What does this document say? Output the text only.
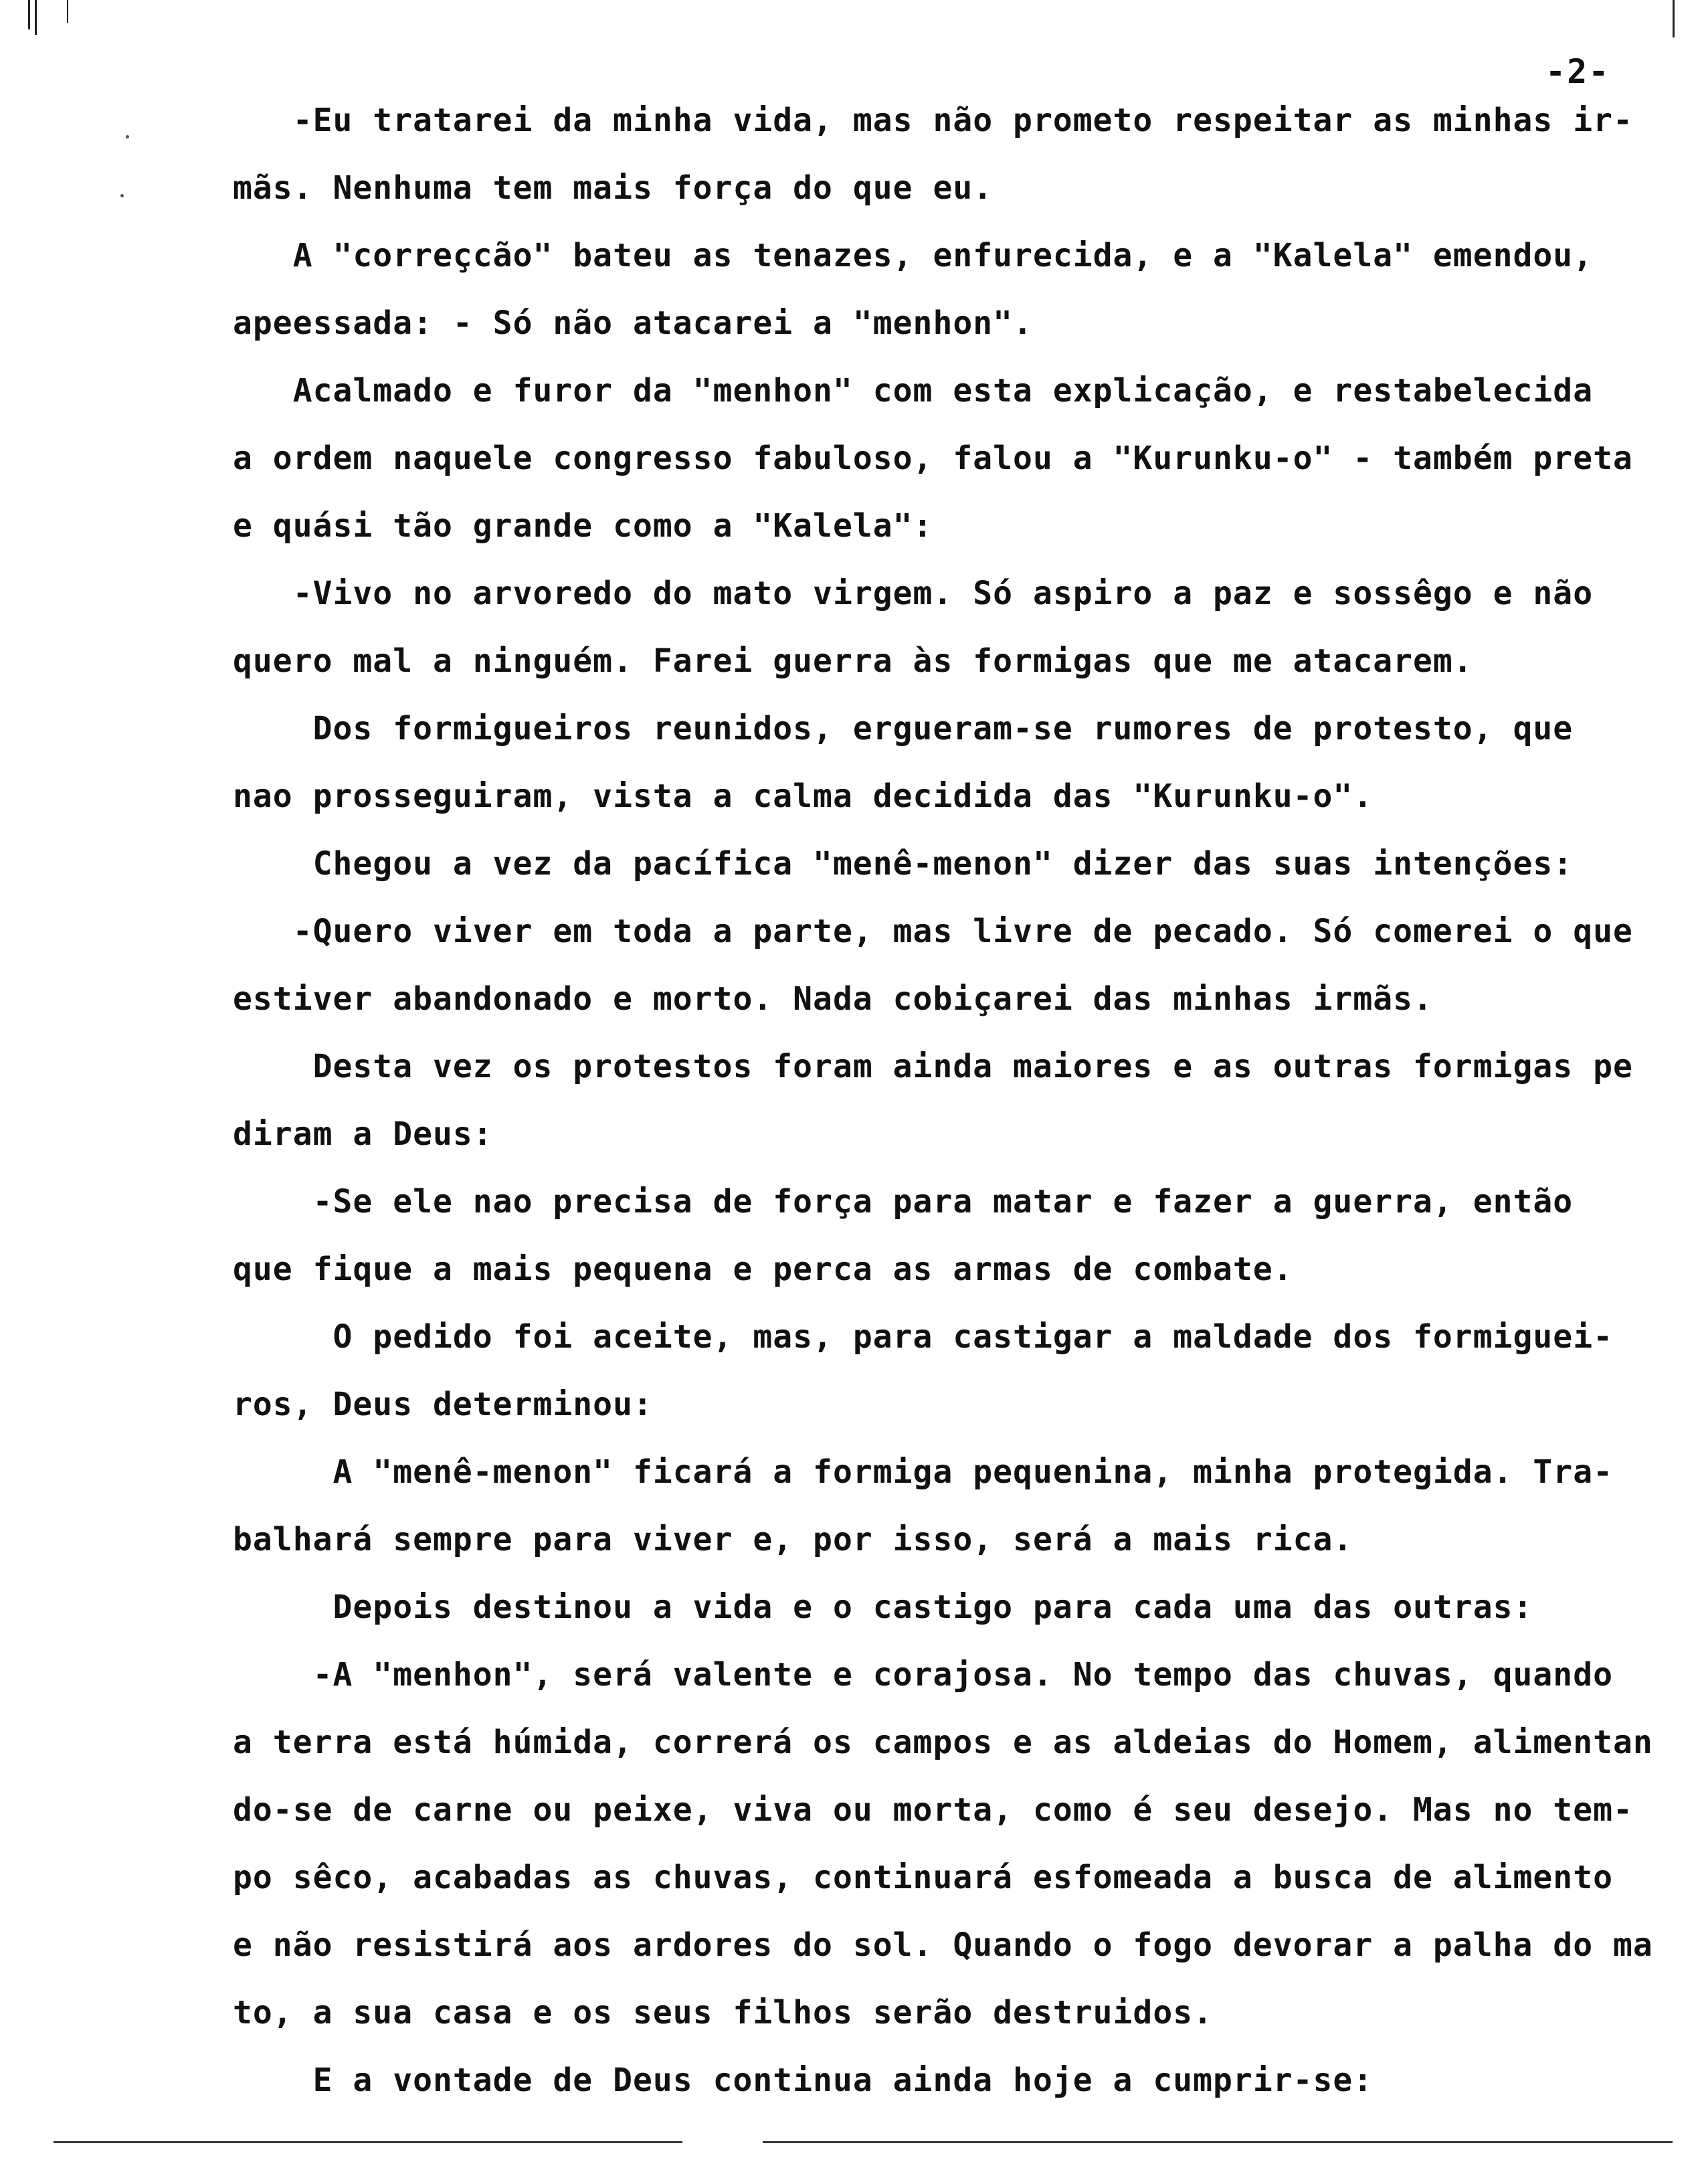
-2-
-Eu tratarei da minha vida, mas não prometo respeitar as minhas ir-
mãs. Nenhuma tem mais força do que eu.
A "correçcão" bateu as tenazes, enfurecida, e a "Kalela" emendou,
apeessada: - Só não atacarei a "menhon".
Acalmado e furor da "menhon" com esta explicação, e restabelecida
a ordem naquele congresso fabuloso, falou a "Kurunku-o" - também preta
e quási tão grande como a "Kalela":
-Vivo no arvoredo do mato virgem. Só aspiro a paz e sossêgo e não
quero mal a ninguém. Farei guerra às formigas que me atacarem.
Dos formigueiros reunidos, ergueram-se rumores de protesto, que
nao prosseguiram, vista a calma decidida das "Kurunku-o".
Chegou a vez da pacífica "menê-menon" dizer das suas intenções:
-Quero viver em toda a parte, mas livre de pecado. Só comerei o que
estiver abandonado e morto. Nada cobiçarei das minhas irmãs.
Desta vez os protestos foram ainda maiores e as outras formigas pe
diram a Deus:
-Se ele nao precisa de força para matar e fazer a guerra, então
que fique a mais pequena e perca as armas de combate.
O pedido foi aceite, mas, para castigar a maldade dos formiguei-
ros, Deus determinou:
A "menê-menon" ficará a formiga pequenina, minha protegida. Tra-
balhará sempre para viver e, por isso, será a mais rica.
Depois destinou a vida e o castigo para cada uma das outras:
-A "menhon", será valente e corajosa. No tempo das chuvas, quando
a terra está húmida, correrá os campos e as aldeias do Homem, alimentan
do-se de carne ou peixe, viva ou morta, como é seu desejo. Mas no tem-
po sêco, acabadas as chuvas, continuará esfomeada a busca de alimento
e não resistirá aos ardores do sol. Quando o fogo devorar a palha do ma
to, a sua casa e os seus filhos serão destruidos.
E a vontade de Deus continua ainda hoje a cumprir-se:
